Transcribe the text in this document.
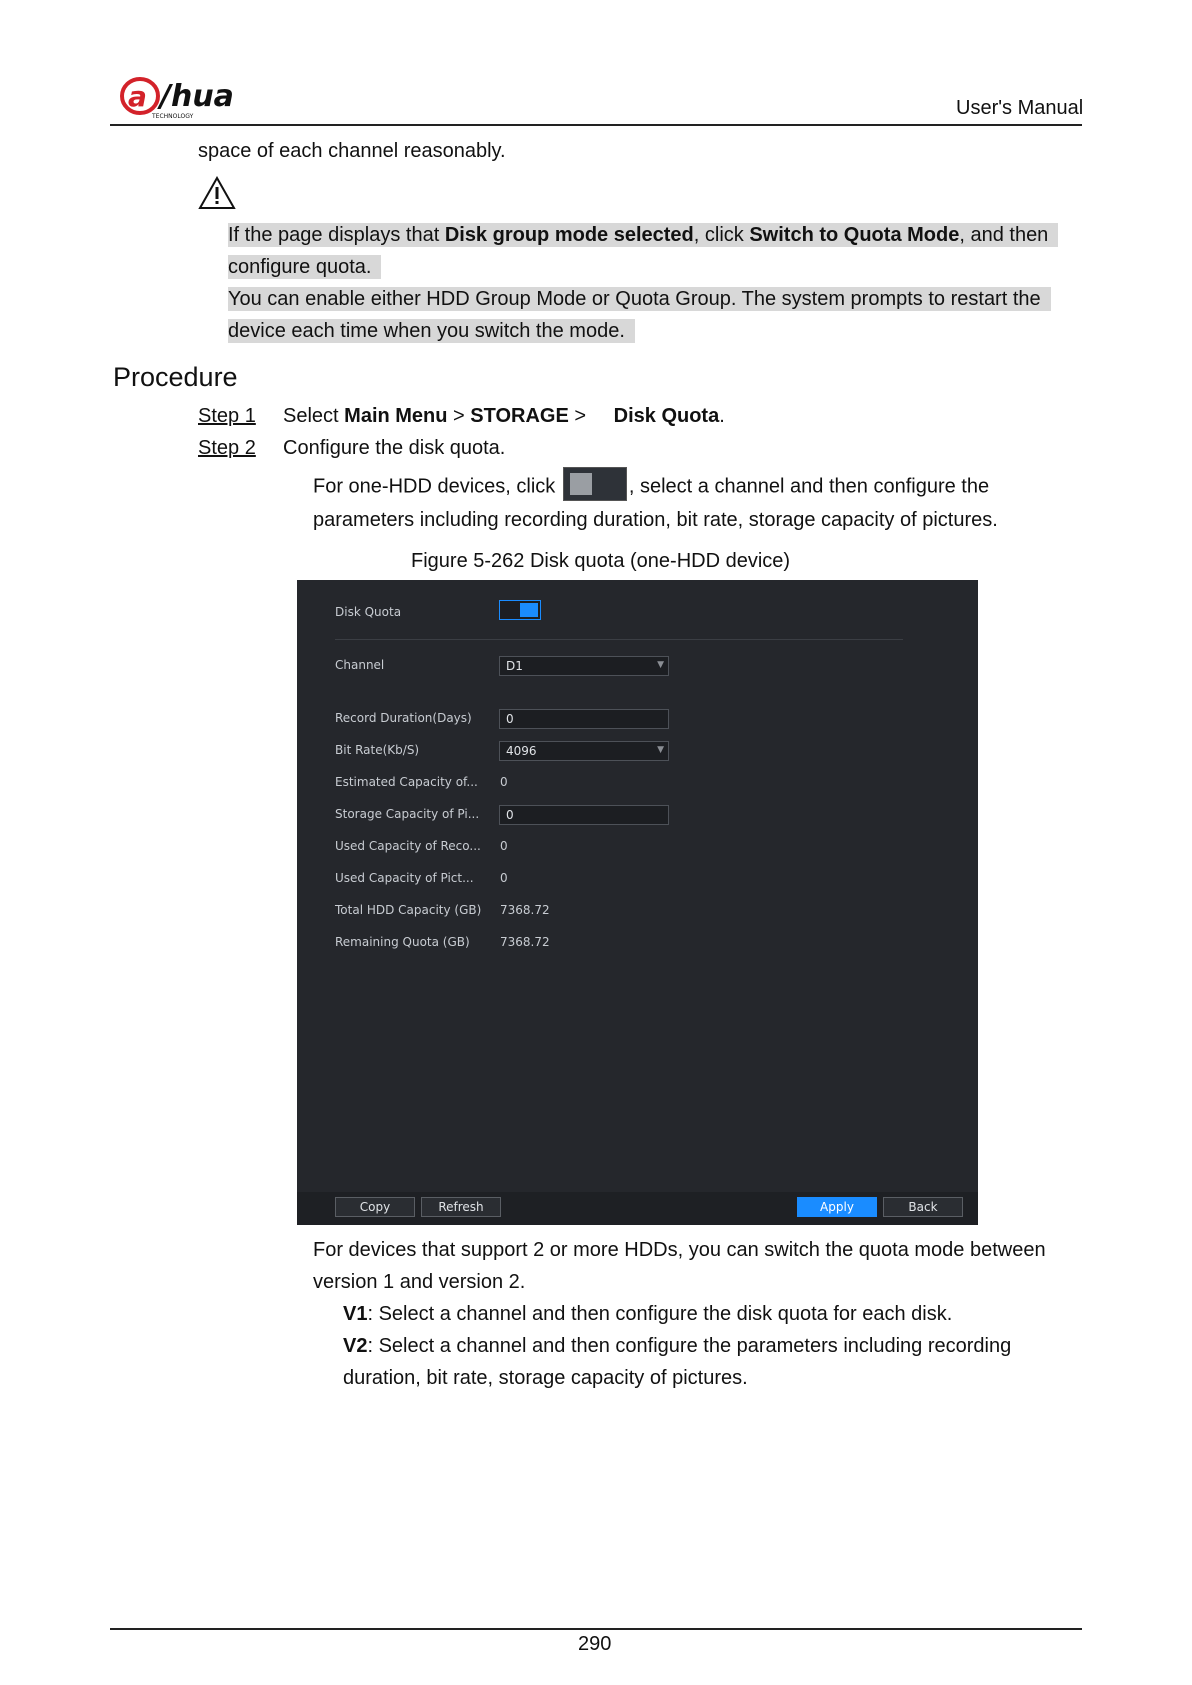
a /hua
TECHNOLOGY	User's Manual
space of each channel reasonably.
If the page displays that Disk group mode selected, click Switch to Quota Mode, and then
configure quota.
You can enable either HDD Group Mode or Quota Group. The system prompts to restart the
device each time when you switch the mode.
Procedure
Step 1 Select Main Menu > STORAGE > Disk Quota.
Step 2 Configure the disk quota.
For one-HDD devices, click	, select a channel and then configure the
parameters including recording duration, bit rate, storage capacity of pictures.
Figure 5-262 Disk quota (one-HDD device)
Disk Quota
Channel	D1	▼
Record Duration(Days)	0
Bit Rate(Kb/S)	4096	▼
Estimated Capacity of... 0
Storage Capacity of Pi...	0
Used Capacity of Reco... 0
Used Capacity of Pict... 0
Total HDD Capacity (GB) 7368.72
Remaining Quota (GB)	7368.72
Copy	Refresh	Apply	Back
For devices that support 2 or more HDDs, you can switch the quota mode between
version 1 and version 2.
V1: Select a channel and then configure the disk quota for each disk.
V2: Select a channel and then configure the parameters including recording
duration, bit rate, storage capacity of pictures.
290
